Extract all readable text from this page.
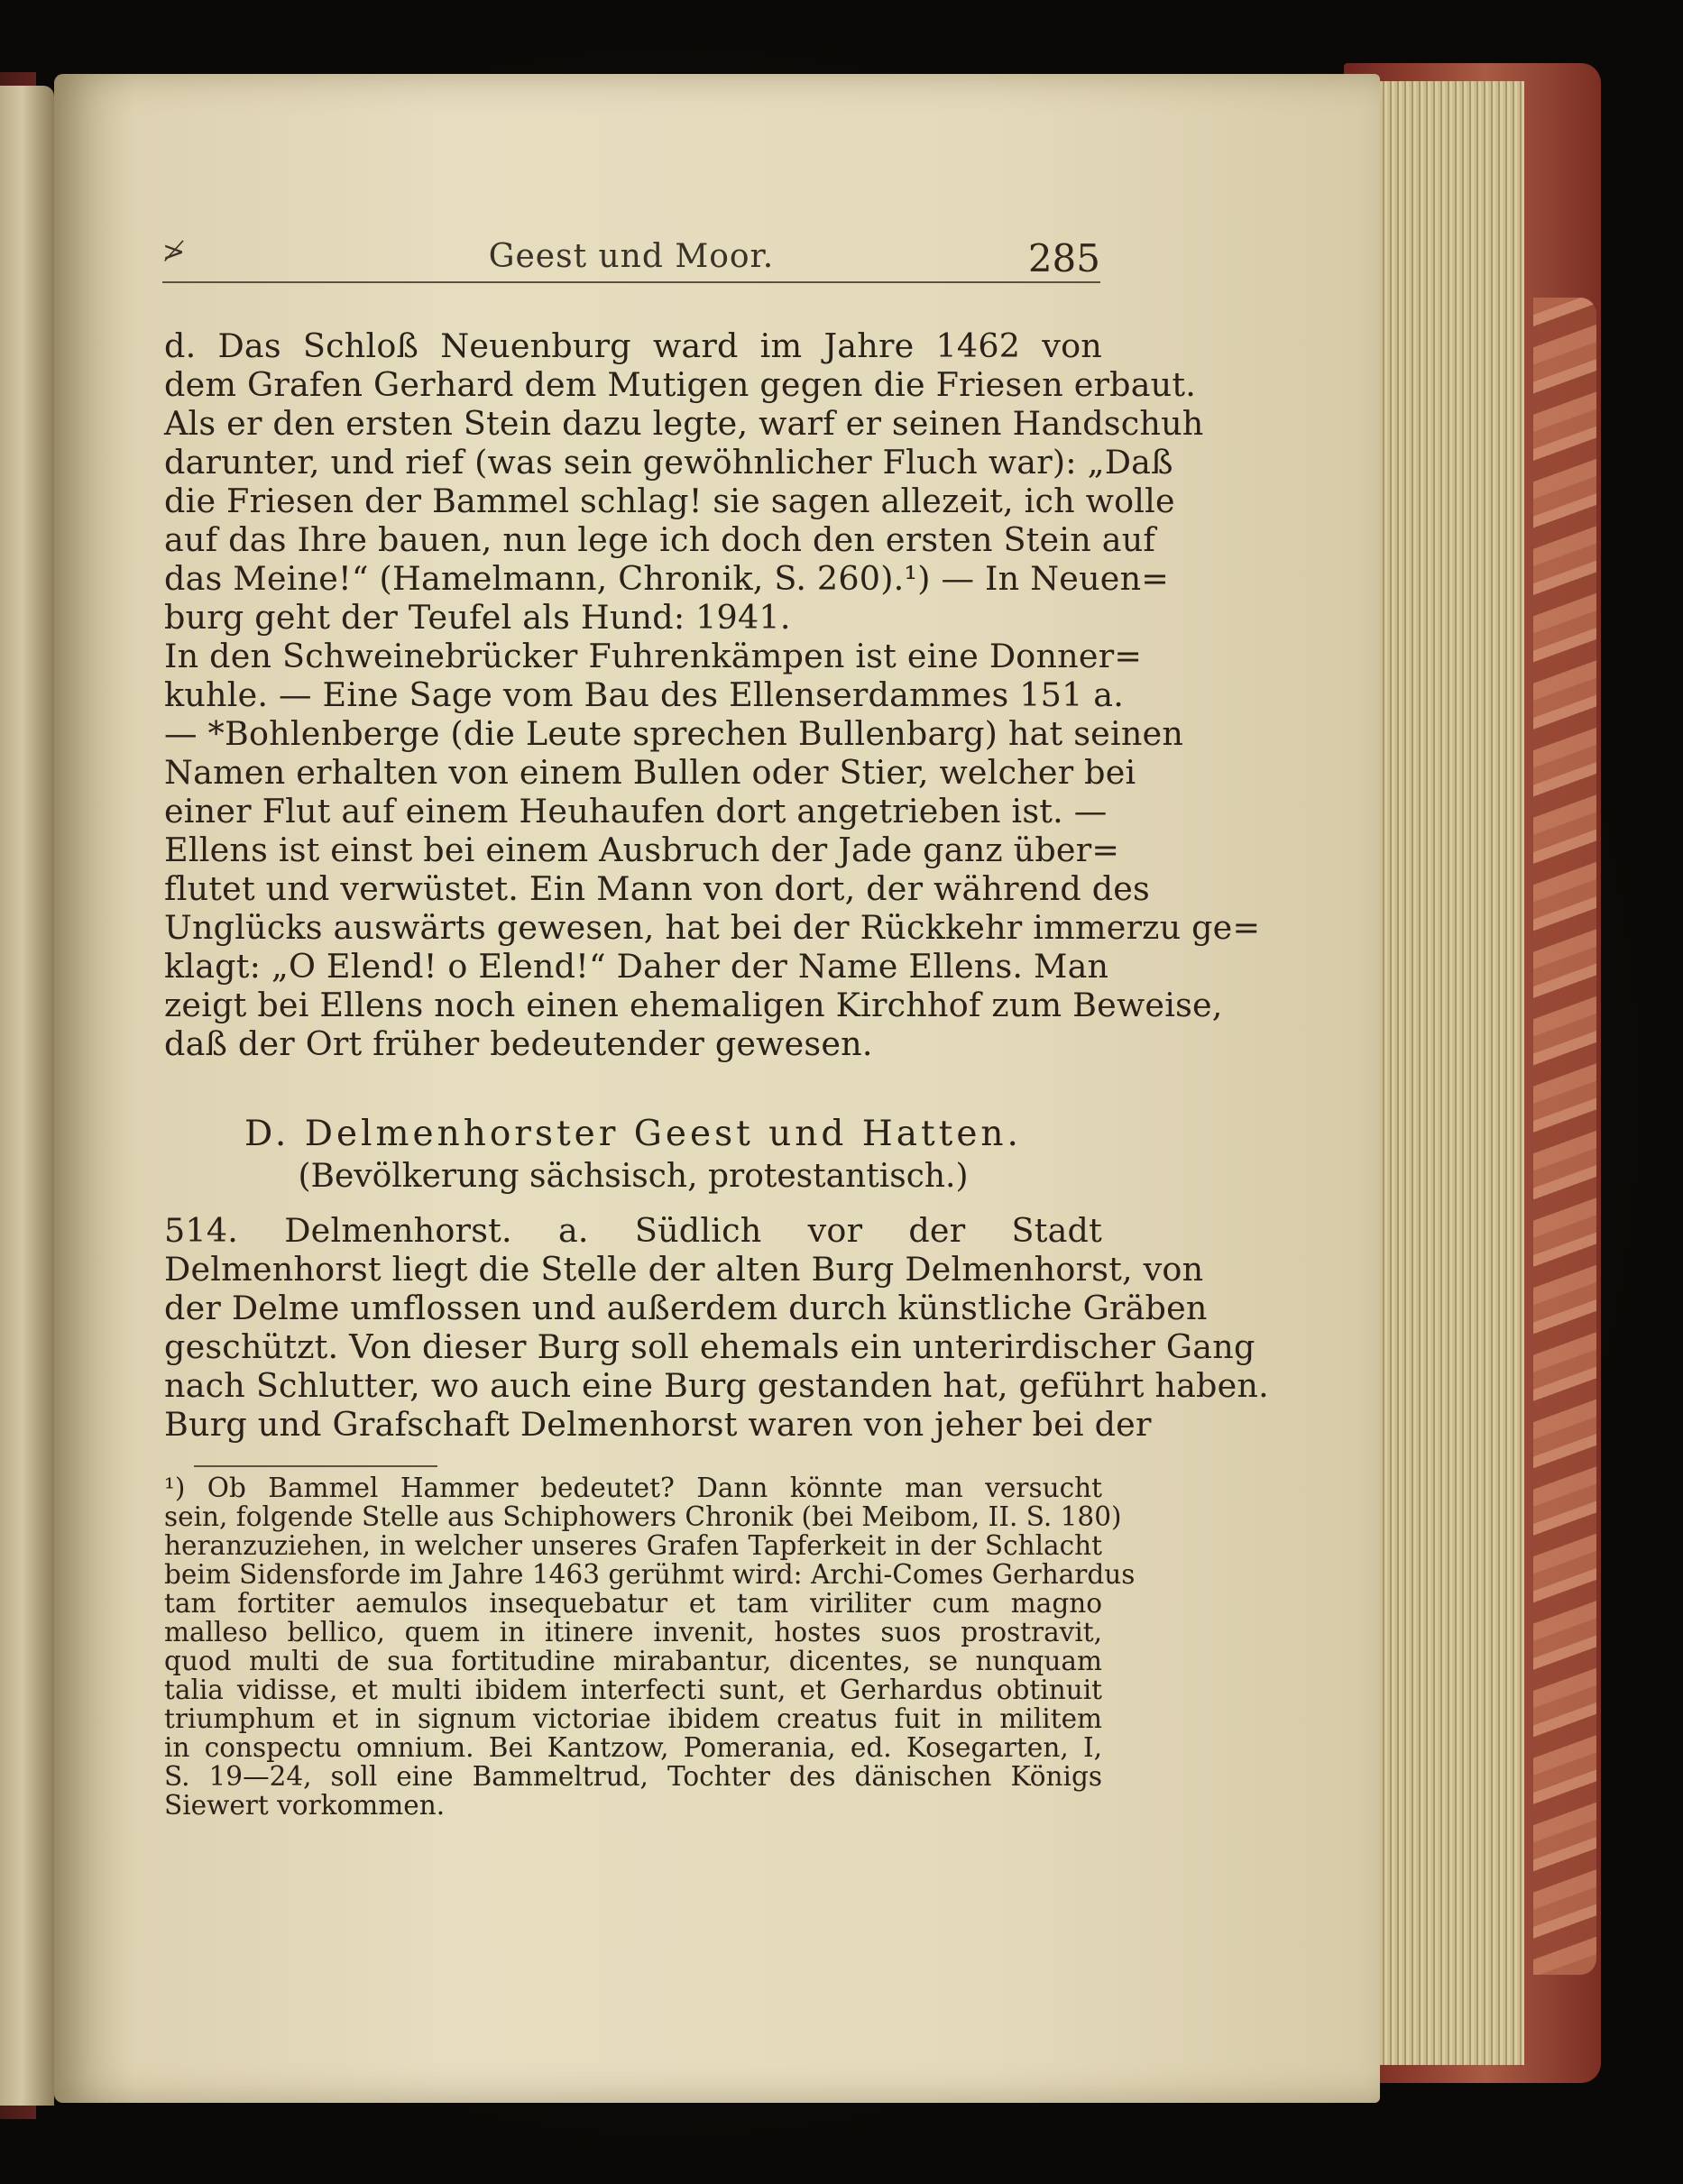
≯	Geest und Moor.	285
d. Das Schloß Neuenburg ward im Jahre 1462 von
dem Grafen Gerhard dem Mutigen gegen die Friesen erbaut.
Als er den ersten Stein dazu legte, warf er seinen Handschuh
darunter, und rief (was sein gewöhnlicher Fluch war): „Daß
die Friesen der Bammel schlag! sie sagen allezeit, ich wolle
auf das Ihre bauen, nun lege ich doch den ersten Stein auf
das Meine!“ (Hamelmann, Chronik, S. 260).¹) — In Neuen=
burg geht der Teufel als Hund: 1941.
In den Schweinebrücker Fuhrenkämpen ist eine Donner=
kuhle. — Eine Sage vom Bau des Ellenserdammes 151 a.
— *Bohlenberge (die Leute sprechen Bullenbarg) hat seinen
Namen erhalten von einem Bullen oder Stier, welcher bei
einer Flut auf einem Heuhaufen dort angetrieben ist. —
Ellens ist einst bei einem Ausbruch der Jade ganz über=
flutet und verwüstet. Ein Mann von dort, der während des
Unglücks auswärts gewesen, hat bei der Rückkehr immerzu ge=
klagt: „O Elend! o Elend!“ Daher der Name Ellens. Man
zeigt bei Ellens noch einen ehemaligen Kirchhof zum Beweise,
daß der Ort früher bedeutender gewesen.
D. Delmenhorster Geest und Hatten.
(Bevölkerung sächsisch, protestantisch.)
514. Delmenhorst. a. Südlich vor der Stadt
Delmenhorst liegt die Stelle der alten Burg Delmenhorst, von
der Delme umflossen und außerdem durch künstliche Gräben
geschützt. Von dieser Burg soll ehemals ein unterirdischer Gang
nach Schlutter, wo auch eine Burg gestanden hat, geführt haben.
Burg und Grafschaft Delmenhorst waren von jeher bei der
¹) Ob Bammel Hammer bedeutet? Dann könnte man versucht
sein, folgende Stelle aus Schiphowers Chronik (bei Meibom, II. S. 180)
heranzuziehen, in welcher unseres Grafen Tapferkeit in der Schlacht
beim Sidensforde im Jahre 1463 gerühmt wird: Archi-Comes Gerhardus
tam fortiter aemulos insequebatur et tam viriliter cum magno
malleso bellico, quem in itinere invenit, hostes suos prostravit,
quod multi de sua fortitudine mirabantur, dicentes, se nunquam
talia vidisse, et multi ibidem interfecti sunt, et Gerhardus obtinuit
triumphum et in signum victoriae ibidem creatus fuit in militem
in conspectu omnium. Bei Kantzow, Pomerania, ed. Kosegarten, I,
S. 19—24, soll eine Bammeltrud, Tochter des dänischen Königs
Siewert vorkommen.
